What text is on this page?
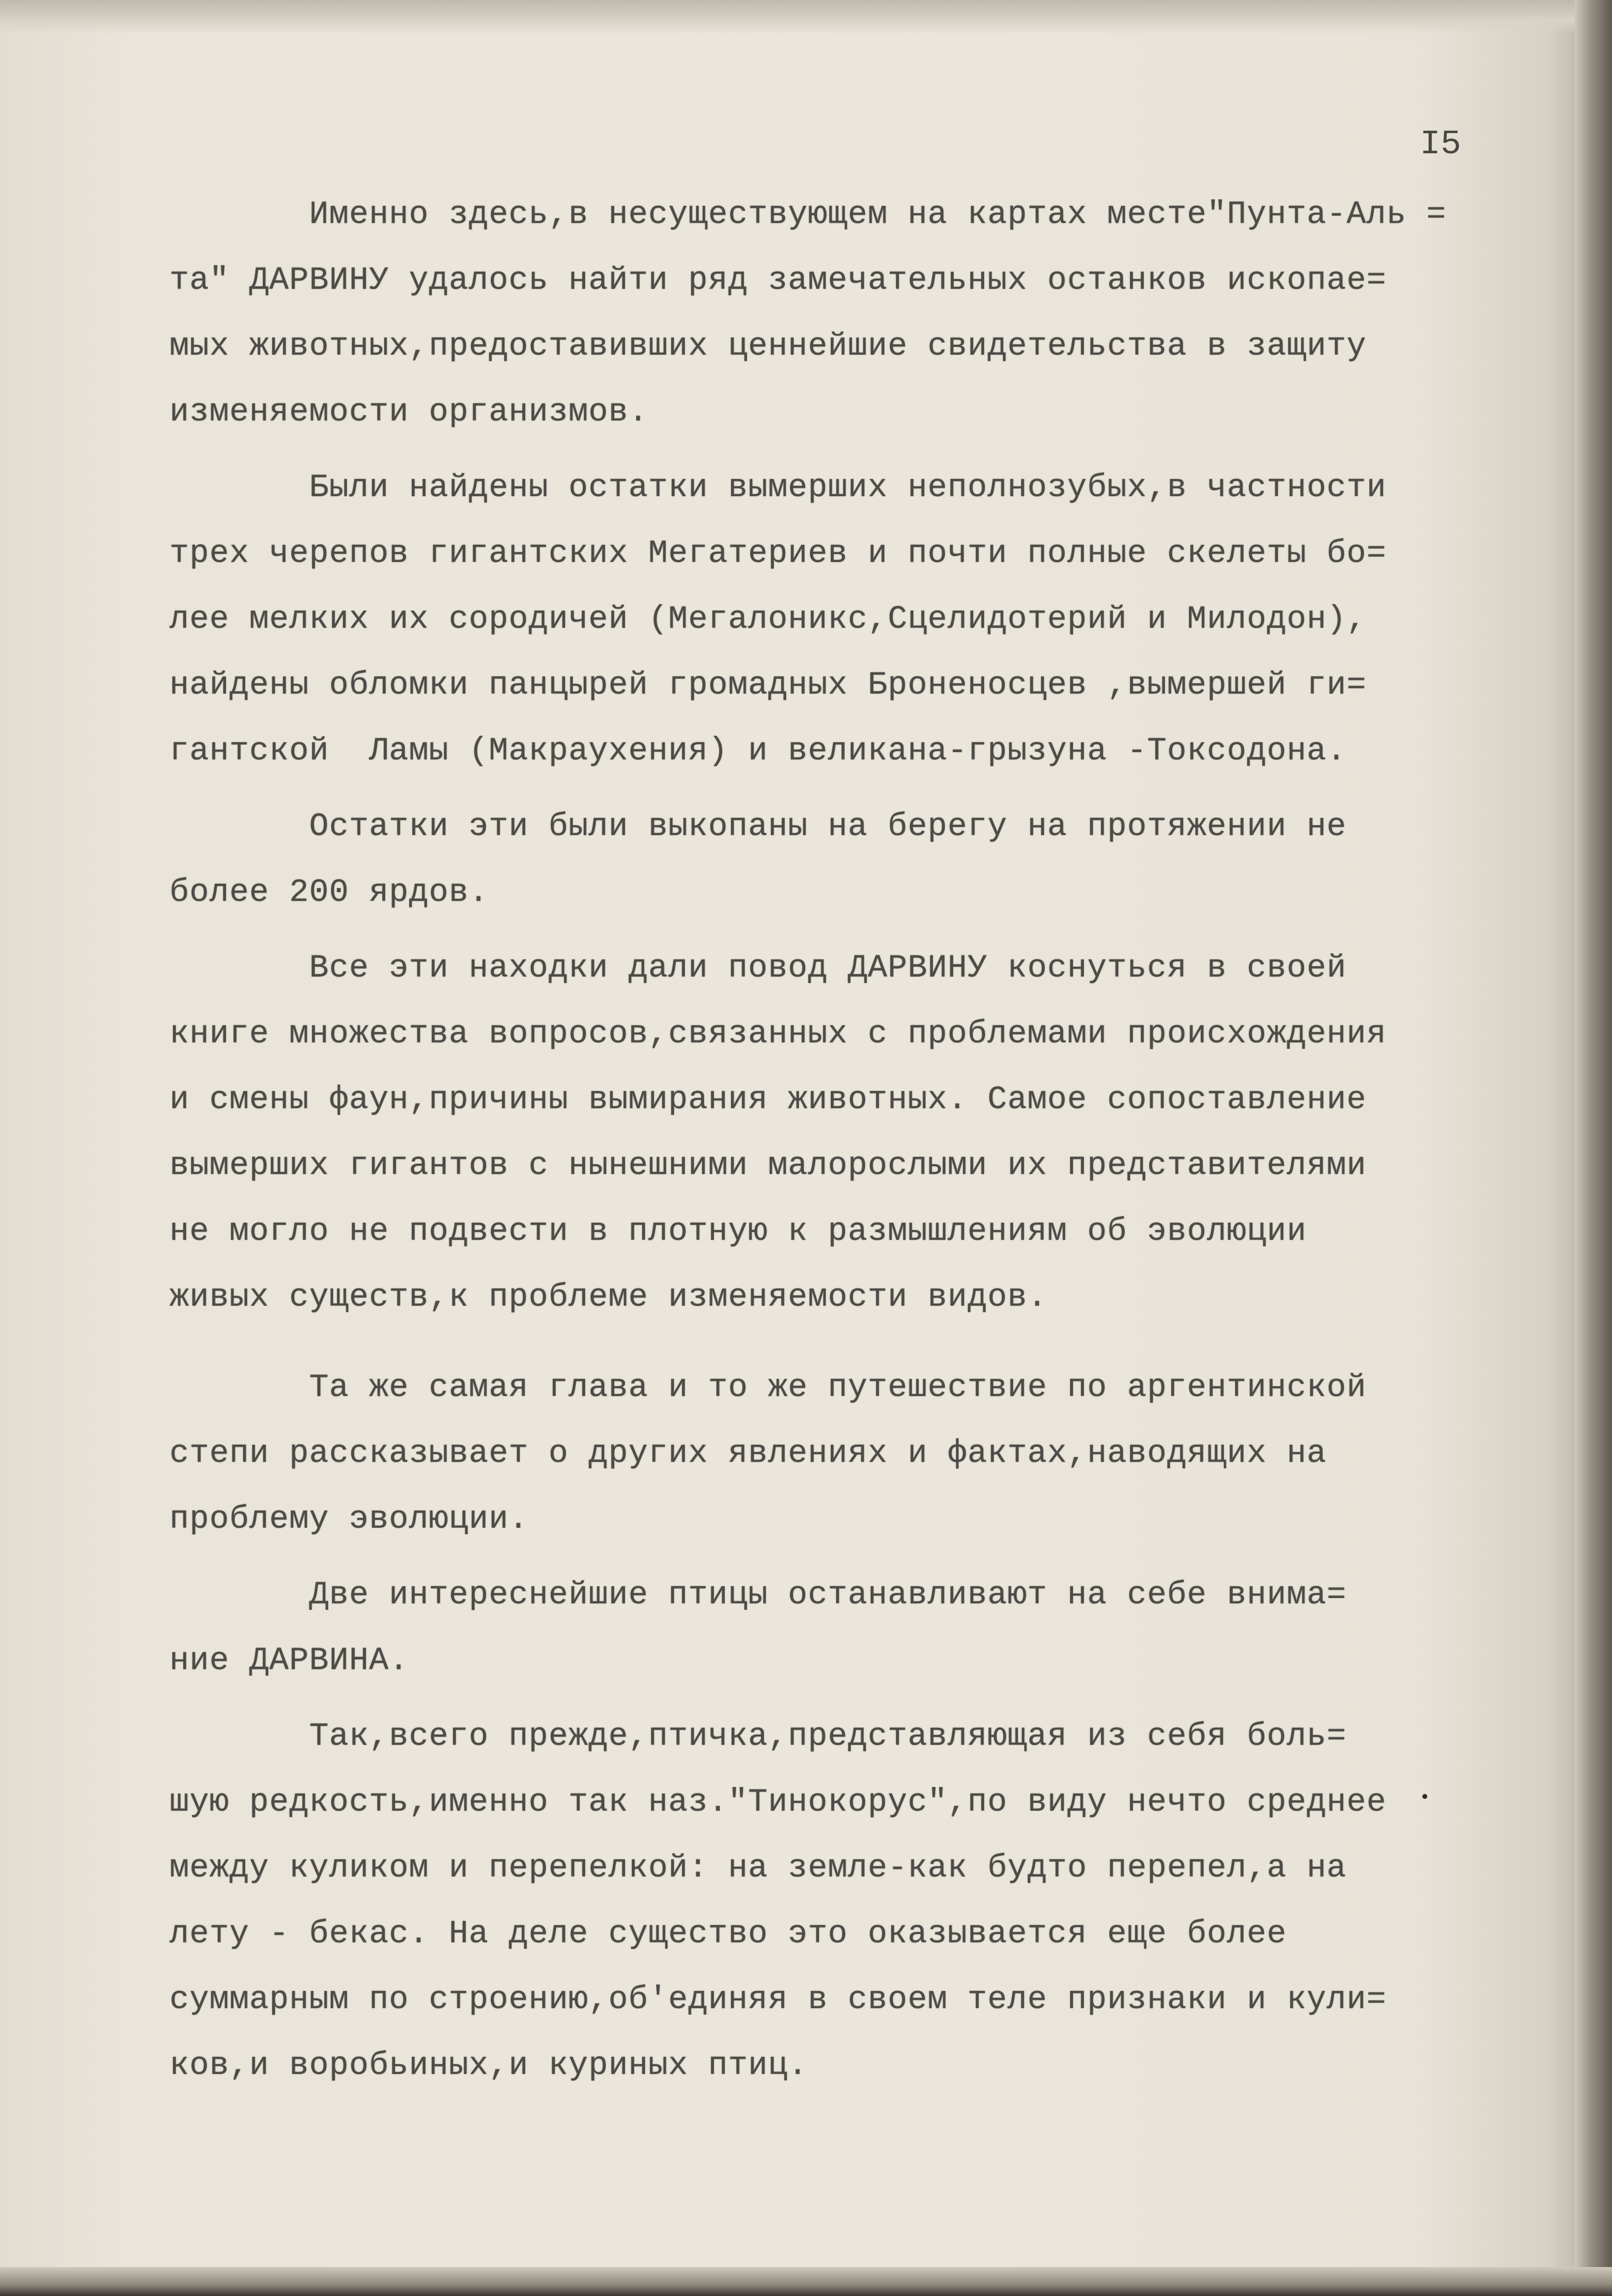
I5
Именно здесь,в несуществующем на картах месте"Пунта-Аль =
та" ДАРВИНУ удалось найти ряд замечательных останков ископае=
мых животных,предоставивших ценнейшие свидетельства в защиту
изменяемости организмов.
Были найдены остатки вымерших неполнозубых,в частности
трех черепов гигантских Мегатериев и почти полные скелеты бо=
лее мелких их сородичей (Мегалоникс,Сцелидотерий и Милодон),
найдены обломки панцырей громадных Броненосцев ,вымершей ги=
гантской  Ламы (Макраухения) и великана-грызуна -Токсодона.
Остатки эти были выкопаны на берегу на протяжении не
более 200 ярдов.
Все эти находки дали повод ДАРВИНУ коснуться в своей
книге множества вопросов,связанных с проблемами происхождения
и смены фаун,причины вымирания животных. Самое сопоставление
вымерших гигантов с нынешними малорослыми их представителями
не могло не подвести в плотную к размышлениям об эволюции
живых существ,к проблеме изменяемости видов.
Та же самая глава и то же путешествие по аргентинской
степи рассказывает о других явлениях и фактах,наводящих на
проблему эволюции.
Две интереснейшие птицы останавливают на себе внима=
ние ДАРВИНА.
Так,всего прежде,птичка,представляющая из себя боль=
шую редкость,именно так наз."Тинокорус",по виду нечто среднее
между куликом и перепелкой: на земле-как будто перепел,а на
лету - бекас. На деле существо это оказывается еще более
суммарным по строению,об'единяя в своем теле признаки и кули=
ков,и воробьиных,и куриных птиц.
